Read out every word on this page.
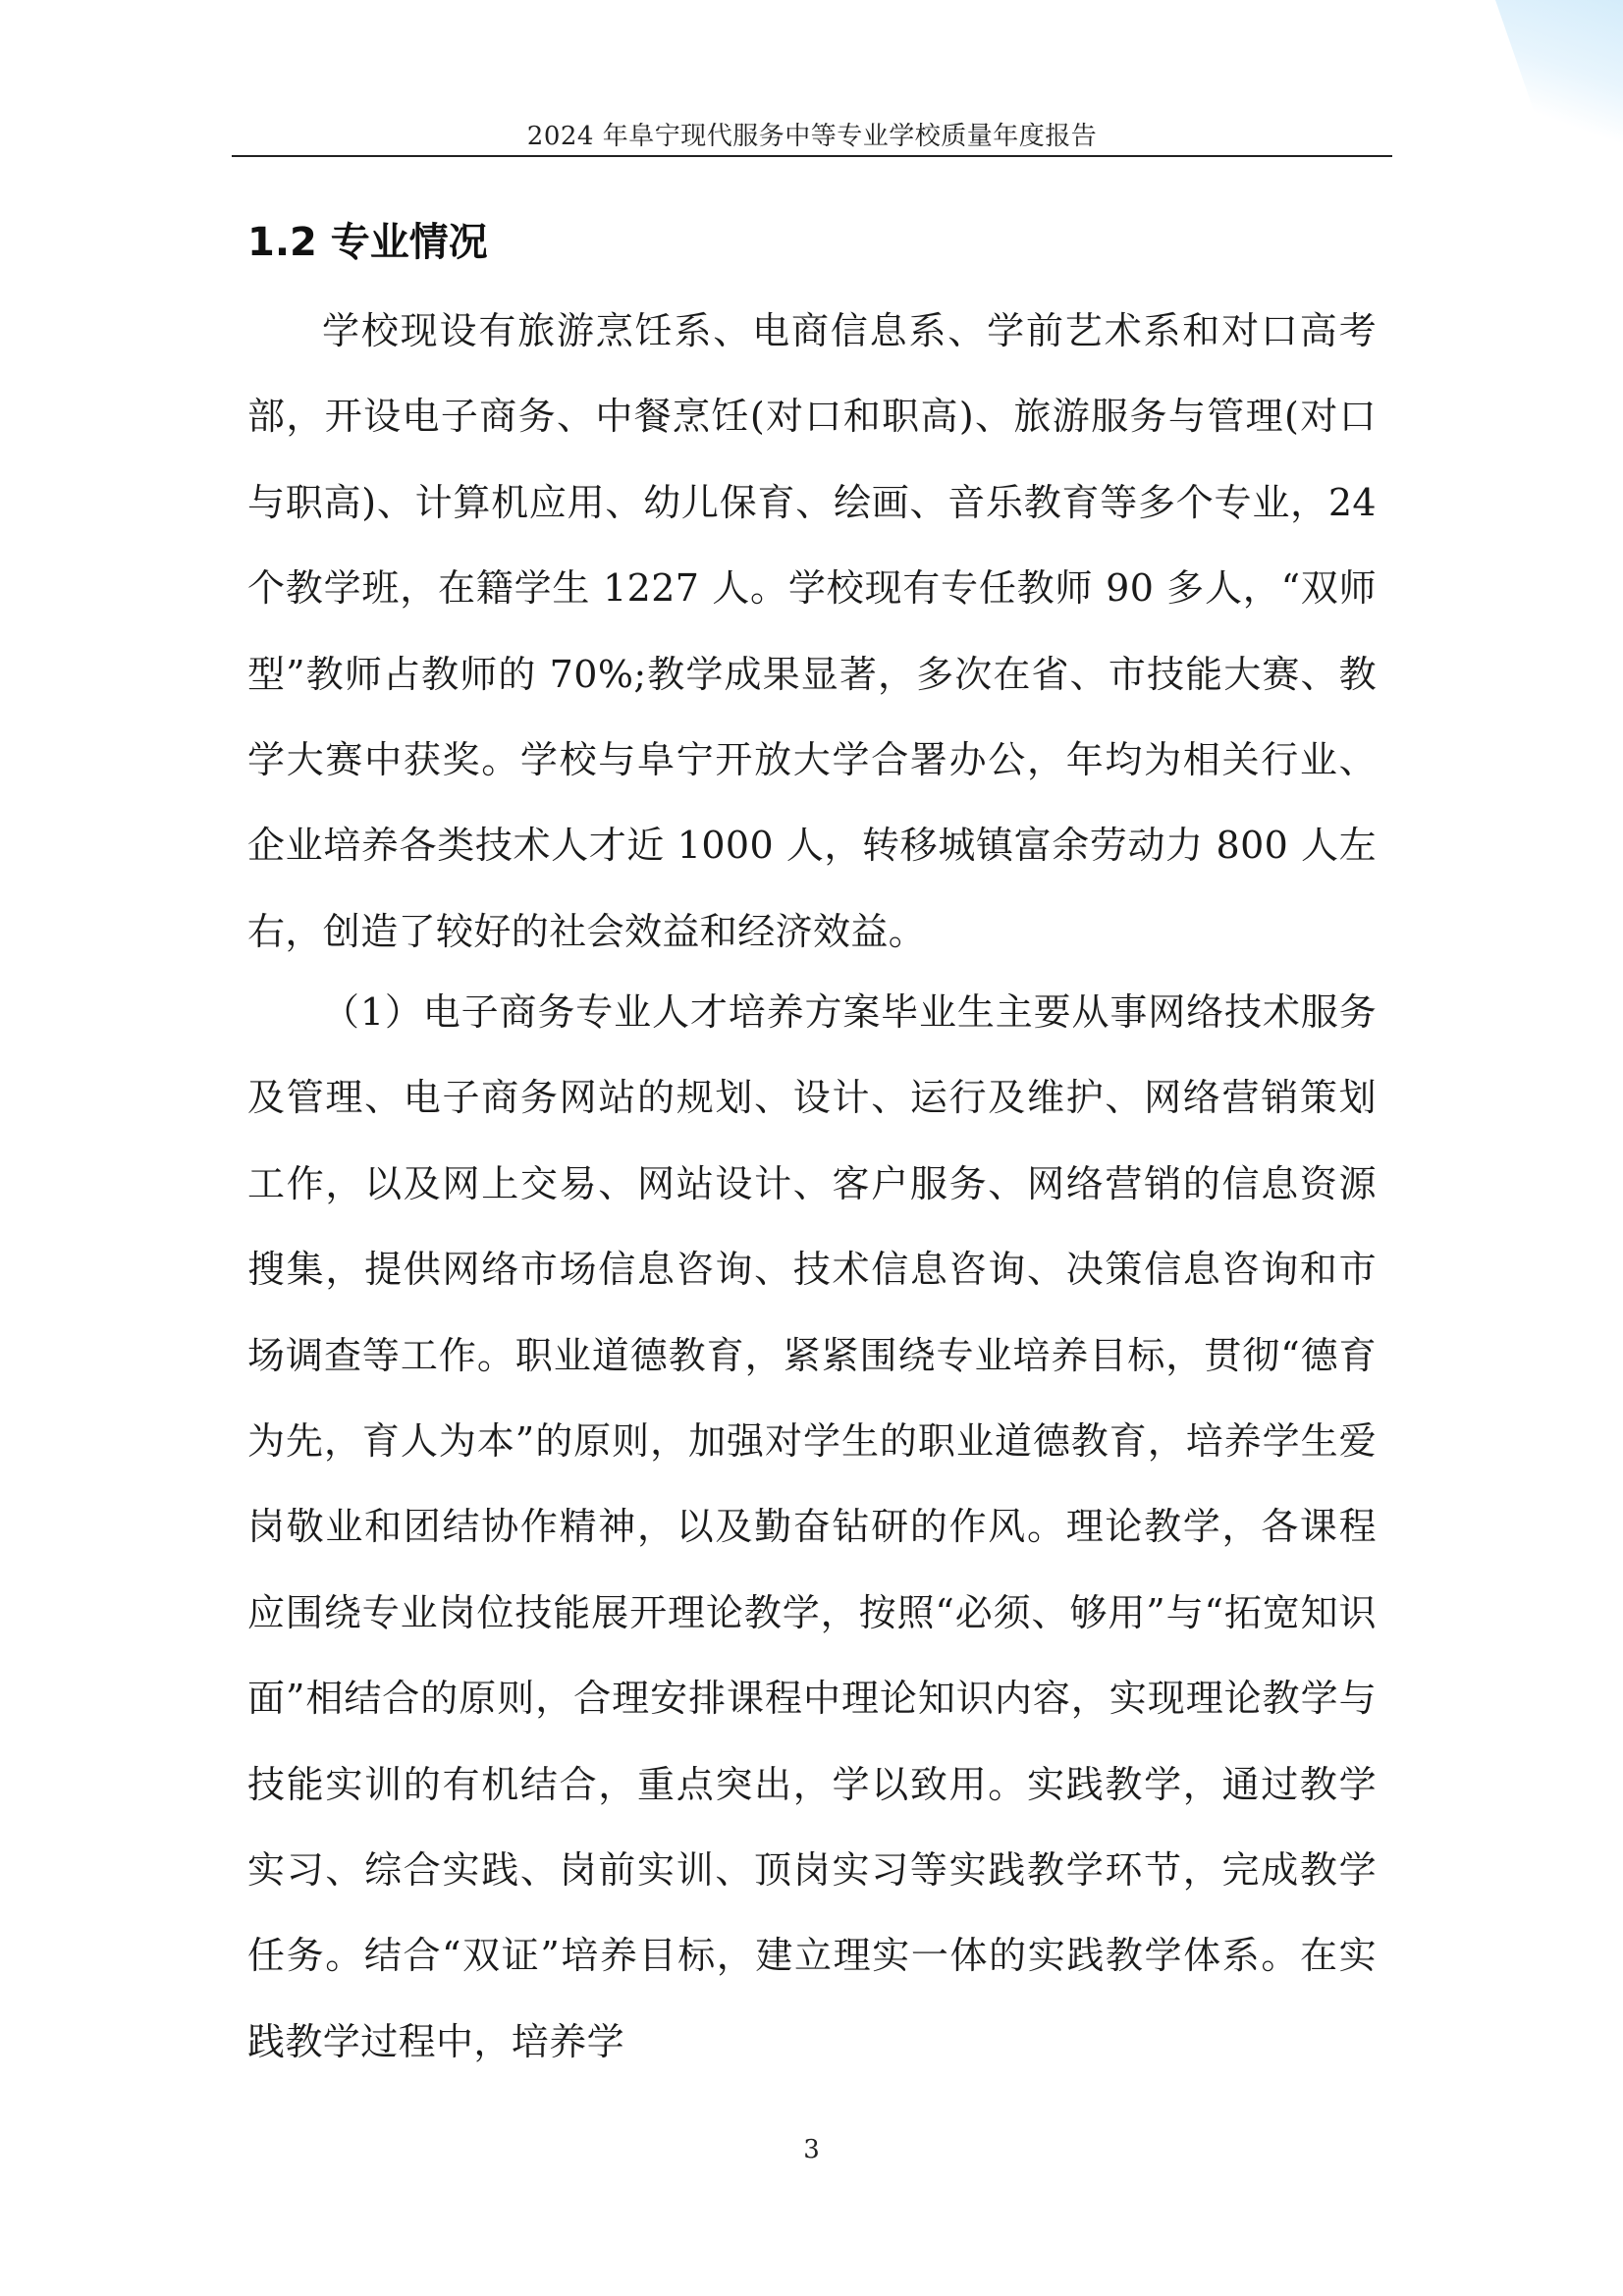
2024 年阜宁现代服务中等专业学校质量年度报告
1.2 专业情况

学校现设有旅游烹饪系、电商信息系、学前艺术系和对口高考部，开设电子商务、中餐烹饪(对口和职高)、旅游服务与管理(对口与职高)、计算机应用、幼儿保育、绘画、音乐教育等多个专业，24 个教学班，在籍学生 1227 人。学校现有专任教师 90 多人，“双师型”教师占教师的 70%;教学成果显著，多次在省、市技能大赛、教学大赛中获奖。学校与阜宁开放大学合署办公，年均为相关行业、企业培养各类技术人才近 1000 人，转移城镇富余劳动力 800 人左右，创造了较好的社会效益和经济效益。

（1）电子商务专业人才培养方案毕业生主要从事网络技术服务及管理、电子商务网站的规划、设计、运行及维护、网络营销策划工作，以及网上交易、网站设计、客户服务、网络营销的信息资源搜集，提供网络市场信息咨询、技术信息咨询、决策信息咨询和市场调查等工作。职业道德教育，紧紧围绕专业培养目标，贯彻“德育为先，育人为本”的原则，加强对学生的职业道德教育，培养学生爱岗敬业和团结协作精神，以及勤奋钻研的作风。理论教学，各课程应围绕专业岗位技能展开理论教学，按照“必须、够用”与“拓宽知识面”相结合的原则，合理安排课程中理论知识内容，实现理论教学与技能实训的有机结合，重点突出，学以致用。实践教学，通过教学实习、综合实践、岗前实训、顶岗实习等实践教学环节，完成教学任务。结合“双证”培养目标，建立理实一体的实践教学体系。在实践教学过程中，培养学

3
